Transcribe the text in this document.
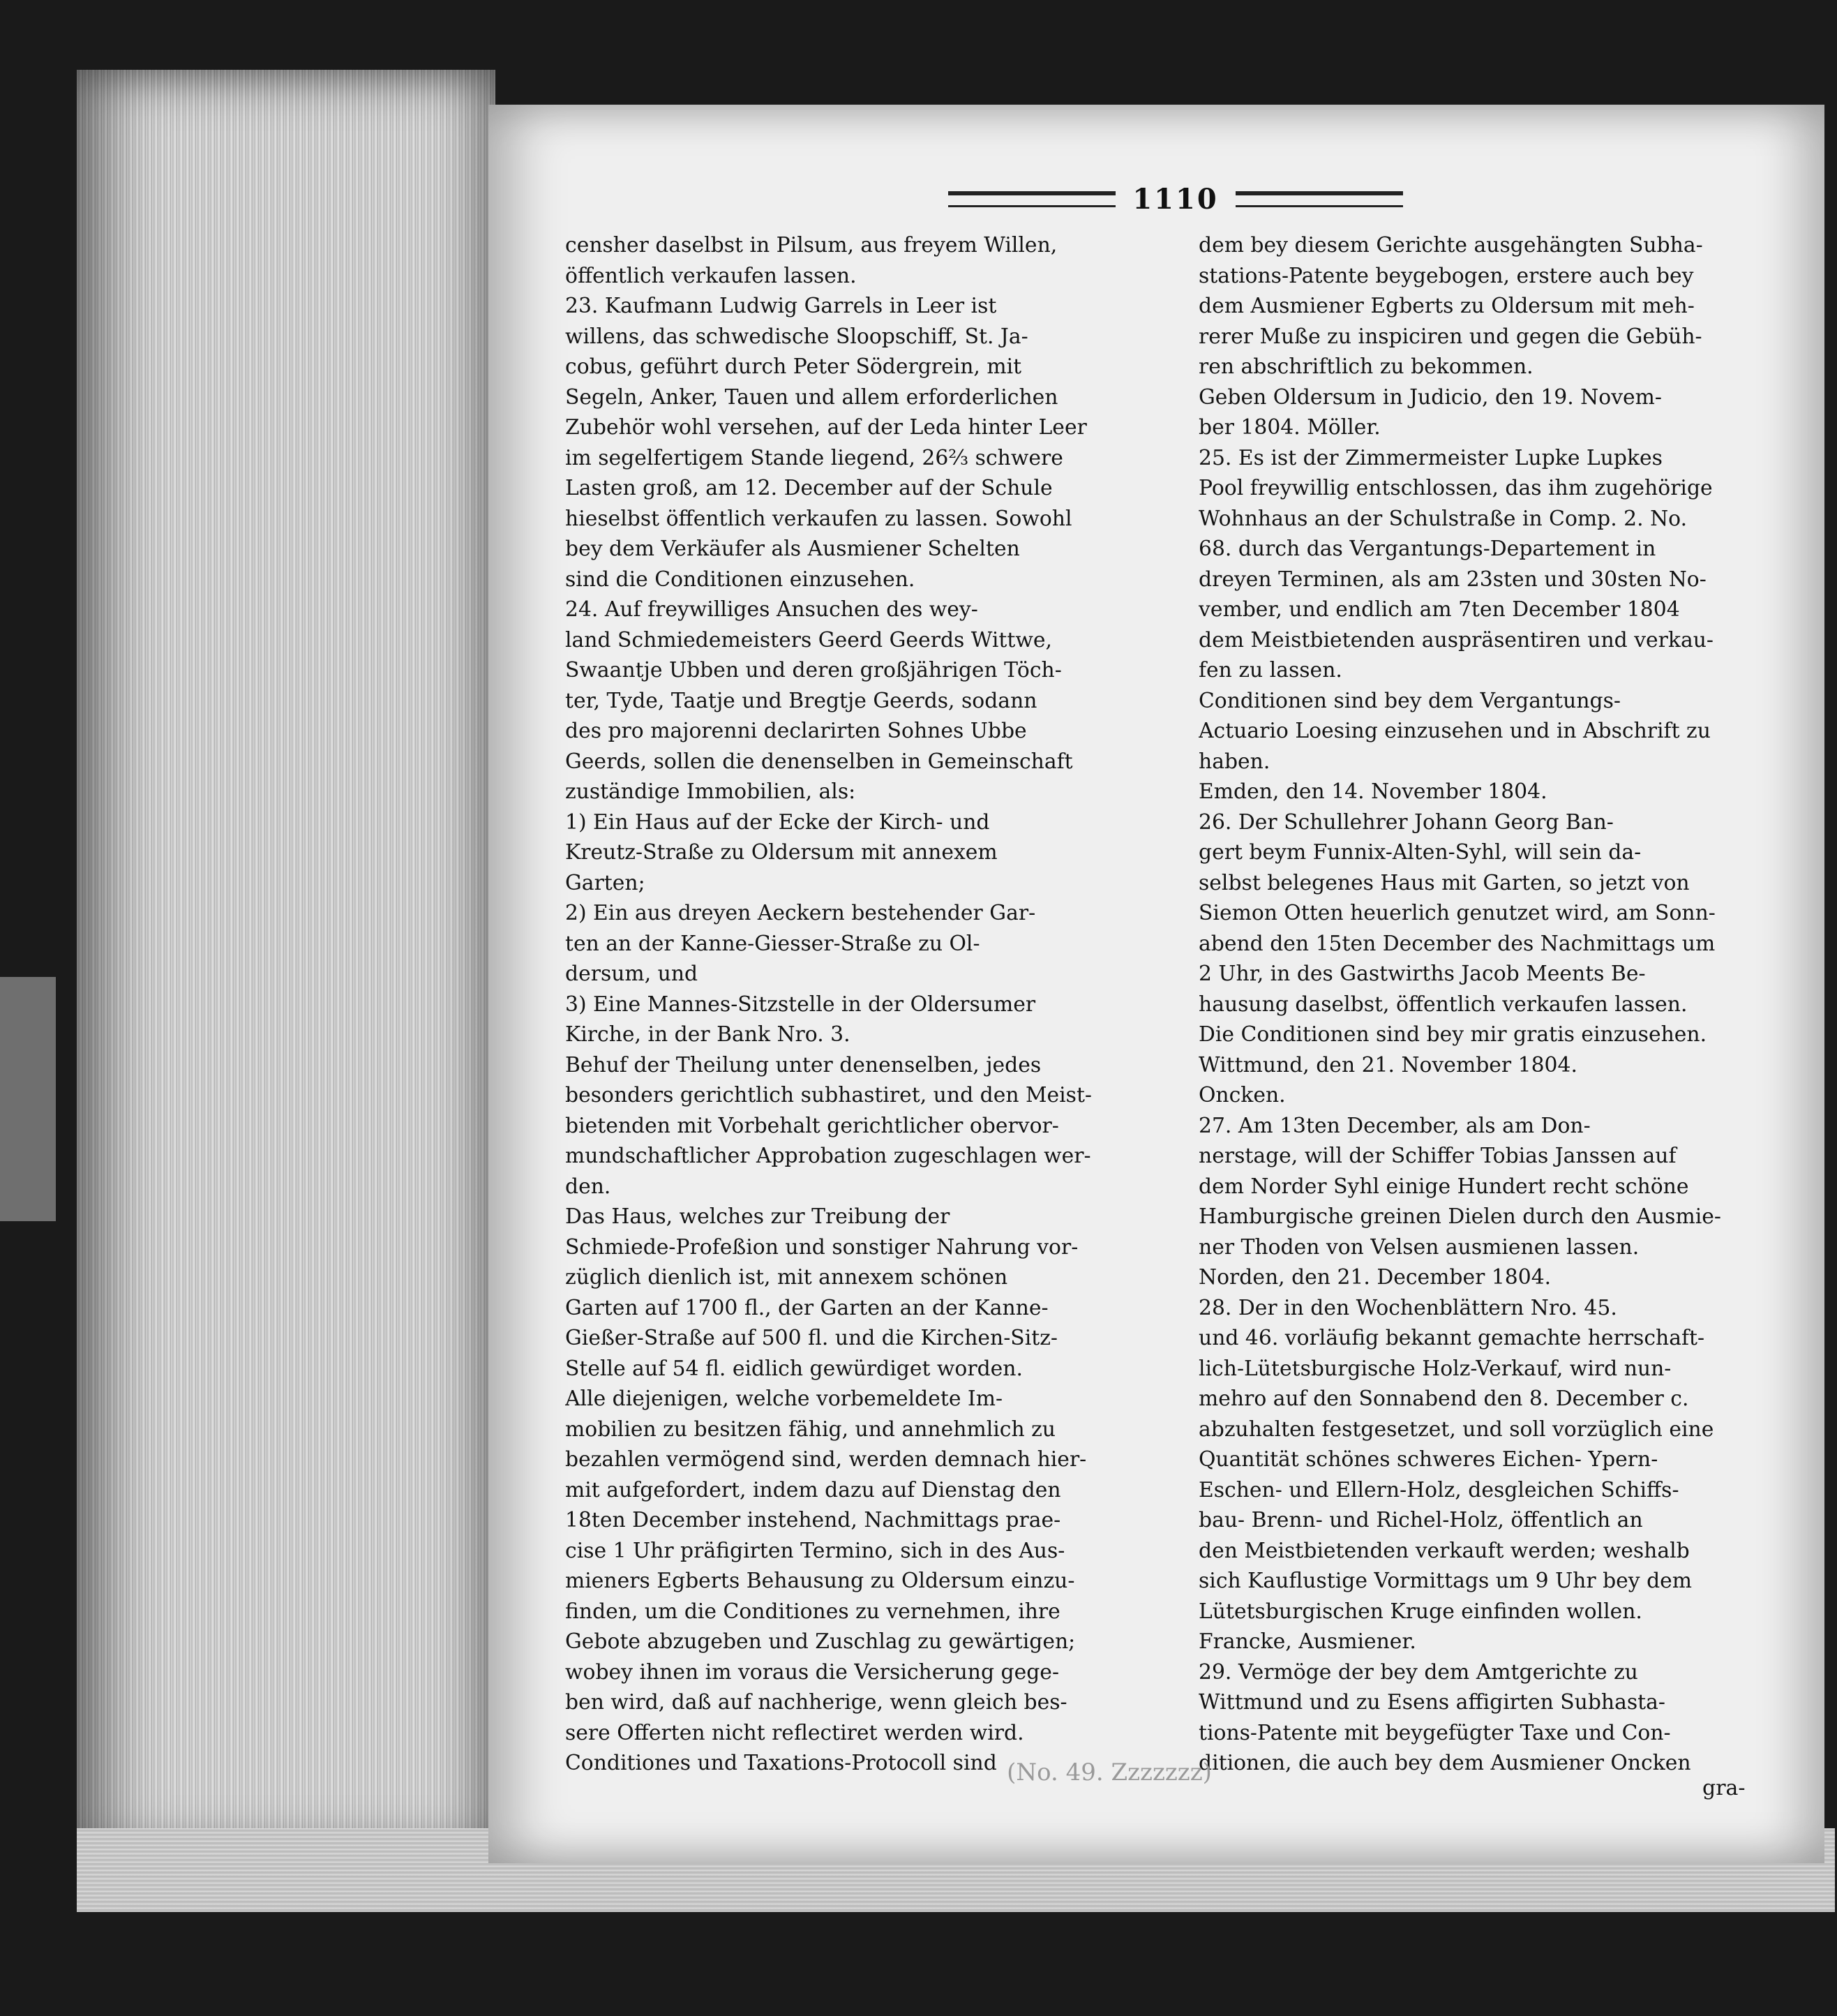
1110
censher daselbst in Pilsum, aus freyem Willen,
öffentlich verkaufen lassen.
23. Kaufmann Ludwig Garrels in Leer ist
willens, das schwedische Sloopschiff, St. Ja-
cobus, geführt durch Peter Södergrein, mit
Segeln, Anker, Tauen und allem erforderlichen
Zubehör wohl versehen, auf der Leda hinter Leer
im segelfertigem Stande liegend, 26⅔ schwere
Lasten groß, am 12. December auf der Schule
hieselbst öffentlich verkaufen zu lassen. Sowohl
bey dem Verkäufer als Ausmiener Schelten
sind die Conditionen einzusehen.
24. Auf freywilliges Ansuchen des wey-
land Schmiedemeisters Geerd Geerds Wittwe,
Swaantje Ubben und deren großjährigen Töch-
ter, Tyde, Taatje und Bregtje Geerds, sodann
des pro majorenni declarirten Sohnes Ubbe
Geerds, sollen die denenselben in Gemeinschaft
zuständige Immobilien, als:
1) Ein Haus auf der Ecke der Kirch- und
Kreutz-Straße zu Oldersum mit annexem
Garten;
2) Ein aus dreyen Aeckern bestehender Gar-
ten an der Kanne-Giesser-Straße zu Ol-
dersum, und
3) Eine Mannes-Sitzstelle in der Oldersumer
Kirche, in der Bank Nro. 3.
Behuf der Theilung unter denenselben, jedes
besonders gerichtlich subhastiret, und den Meist-
bietenden mit Vorbehalt gerichtlicher obervor-
mundschaftlicher Approbation zugeschlagen wer-
den.
Das Haus, welches zur Treibung der
Schmiede-Profeßion und sonstiger Nahrung vor-
züglich dienlich ist, mit annexem schönen
Garten auf 1700 fl., der Garten an der Kanne-
Gießer-Straße auf 500 fl. und die Kirchen-Sitz-
Stelle auf 54 fl. eidlich gewürdiget worden.
Alle diejenigen, welche vorbemeldete Im-
mobilien zu besitzen fähig, und annehmlich zu
bezahlen vermögend sind, werden demnach hier-
mit aufgefordert, indem dazu auf Dienstag den
18ten December instehend, Nachmittags prae-
cise 1 Uhr präfigirten Termino, sich in des Aus-
mieners Egberts Behausung zu Oldersum einzu-
finden, um die Conditiones zu vernehmen, ihre
Gebote abzugeben und Zuschlag zu gewärtigen;
wobey ihnen im voraus die Versicherung gege-
ben wird, daß auf nachherige, wenn gleich bes-
sere Offerten nicht reflectiret werden wird.
Conditiones und Taxations-Protocoll sind
dem bey diesem Gerichte ausgehängten Subha-
stations-Patente beygebogen, erstere auch bey
dem Ausmiener Egberts zu Oldersum mit meh-
rerer Muße zu inspiciren und gegen die Gebüh-
ren abschriftlich zu bekommen.
Geben Oldersum in Judicio, den 19. Novem-
ber 1804. Möller.
25. Es ist der Zimmermeister Lupke Lupkes
Pool freywillig entschlossen, das ihm zugehörige
Wohnhaus an der Schulstraße in Comp. 2. No.
68. durch das Vergantungs-Departement in
dreyen Terminen, als am 23sten und 30sten No-
vember, und endlich am 7ten December 1804
dem Meistbietenden auspräsentiren und verkau-
fen zu lassen.
Conditionen sind bey dem Vergantungs-
Actuario Loesing einzusehen und in Abschrift zu
haben.
Emden, den 14. November 1804.
26. Der Schullehrer Johann Georg Ban-
gert beym Funnix-Alten-Syhl, will sein da-
selbst belegenes Haus mit Garten, so jetzt von
Siemon Otten heuerlich genutzet wird, am Sonn-
abend den 15ten December des Nachmittags um
2 Uhr, in des Gastwirths Jacob Meents Be-
hausung daselbst, öffentlich verkaufen lassen.
Die Conditionen sind bey mir gratis einzusehen.
Wittmund, den 21. November 1804.
Oncken.
27. Am 13ten December, als am Don-
nerstage, will der Schiffer Tobias Janssen auf
dem Norder Syhl einige Hundert recht schöne
Hamburgische greinen Dielen durch den Ausmie-
ner Thoden von Velsen ausmienen lassen.
Norden, den 21. December 1804.
28. Der in den Wochenblättern Nro. 45.
und 46. vorläufig bekannt gemachte herrschaft-
lich-Lütetsburgische Holz-Verkauf, wird nun-
mehro auf den Sonnabend den 8. December c.
abzuhalten festgesetzet, und soll vorzüglich eine
Quantität schönes schweres Eichen- Ypern-
Eschen- und Ellern-Holz, desgleichen Schiffs-
bau- Brenn- und Richel-Holz, öffentlich an
den Meistbietenden verkauft werden; weshalb
sich Kauflustige Vormittags um 9 Uhr bey dem
Lütetsburgischen Kruge einfinden wollen.
Francke, Ausmiener.
29. Vermöge der bey dem Amtgerichte zu
Wittmund und zu Esens affigirten Subhasta-
tions-Patente mit beygefügter Taxe und Con-
ditionen, die auch bey dem Ausmiener Oncken
(No. 49. Zzzzzzz)
gra-
